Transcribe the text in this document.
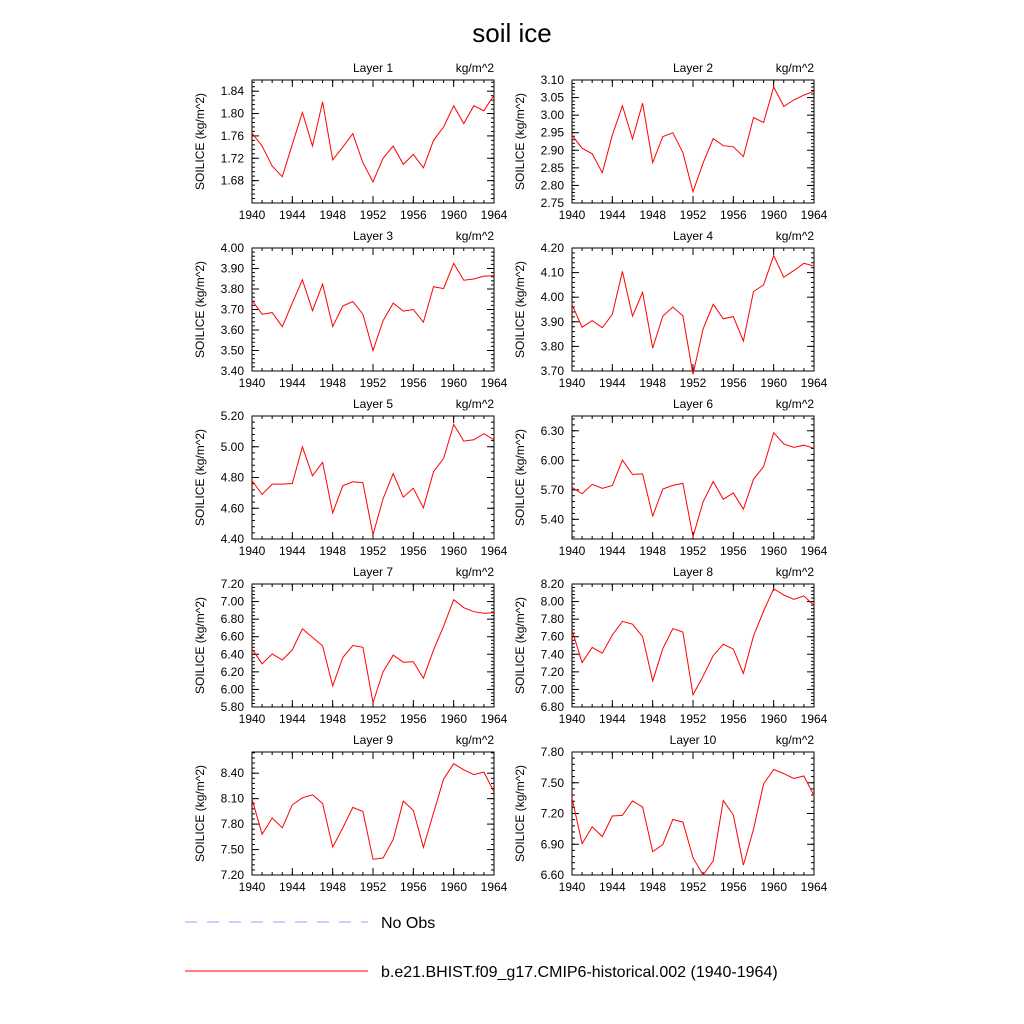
soil ice
Layer 1	kg/m^2
SOILICE (kg/m^2)
1940 1944 1948 1952 1956 1960 1964
1.68
1.72
1.76
1.80
1.84
Layer 2	kg/m^2
SOILICE (kg/m^2)
1940 1944 1948 1952 1956 1960 1964
2.75
2.80
2.85
2.90
2.95
3.00
3.05
3.10
Layer 3	kg/m^2
SOILICE (kg/m^2)
1940 1944 1948 1952 1956 1960 1964
3.40
3.50
3.60
3.70
3.80
3.90
4.00
Layer 4	kg/m^2
SOILICE (kg/m^2)
1940 1944 1948 1952 1956 1960 1964
3.70
3.80
3.90
4.00
4.10
4.20
Layer 5	kg/m^2
SOILICE (kg/m^2)
1940 1944 1948 1952 1956 1960 1964
4.40
4.60
4.80
5.00
5.20
Layer 6	kg/m^2
SOILICE (kg/m^2)
1940 1944 1948 1952 1956 1960 1964
5.40
5.70
6.00
6.30
Layer 7	kg/m^2
SOILICE (kg/m^2)
1940 1944 1948 1952 1956 1960 1964
5.80
6.00
6.20
6.40
6.60
6.80
7.00
7.20
Layer 8	kg/m^2
SOILICE (kg/m^2)
1940 1944 1948 1952 1956 1960 1964
6.80
7.00
7.20
7.40
7.60
7.80
8.00
8.20
Layer 9	kg/m^2
SOILICE (kg/m^2)
1940 1944 1948 1952 1956 1960 1964
7.20
7.50
7.80
8.10
8.40
Layer 10	kg/m^2
SOILICE (kg/m^2)
1940 1944 1948 1952 1956 1960 1964
6.60
6.90
7.20
7.50
7.80
No Obs
b.e21.BHIST.f09_g17.CMIP6-historical.002 (1940-1964)
